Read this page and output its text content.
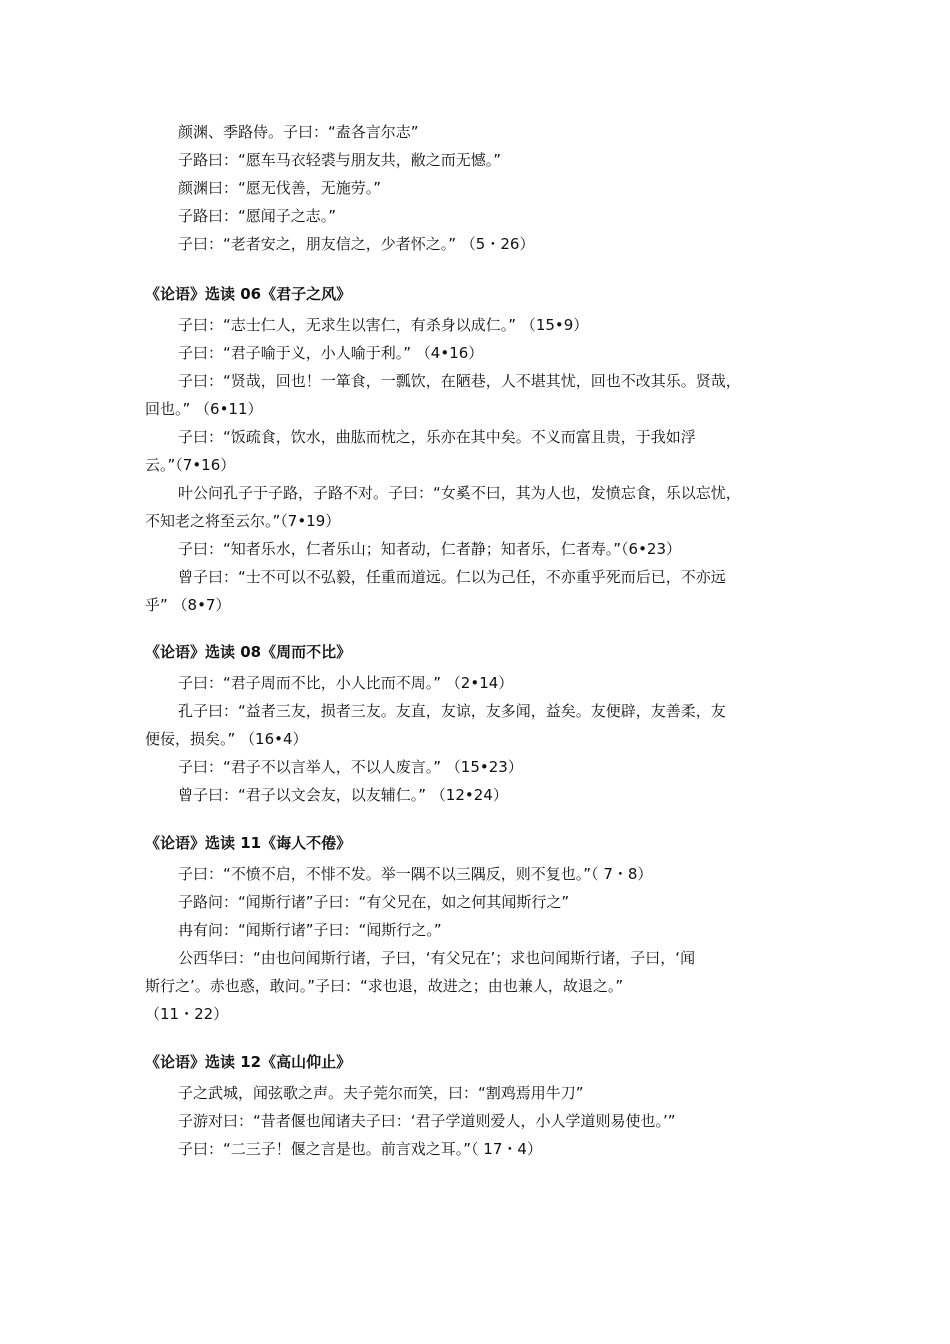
颜渊、季路侍。子曰：“盍各言尔志”
子路曰：“愿车马衣轻裘与朋友共，敝之而无憾。”
颜渊曰：“愿无伐善，无施劳。”
子路曰：“愿闻子之志。”
子曰：“老者安之，朋友信之，少者怀之。” （5・26）
《论语》选读 06《君子之风》
子曰：“志士仁人，无求生以害仁，有杀身以成仁。” （15•9）
子曰：“君子喻于义，小人喻于利。” （4•16）
子曰：“贤哉，回也！一箪食，一瓢饮，在陋巷，人不堪其忧，回也不改其乐。贤哉，
回也。” （6•11）
子曰：“饭疏食，饮水，曲肱而枕之，乐亦在其中矣。不义而富且贵，于我如浮
云。”（7•16）
叶公问孔子于子路，子路不对。子曰：“女奚不曰，其为人也，发愤忘食，乐以忘忧，
不知老之将至云尔。”（7•19）
子曰：“知者乐水，仁者乐山；知者动，仁者静；知者乐，仁者寿。”（6•23）
曾子曰：“士不可以不弘毅，任重而道远。仁以为己任，不亦重乎死而后已，不亦远
乎” （8•7）
《论语》选读 08《周而不比》
子曰：“君子周而不比，小人比而不周。” （2•14）
孔子曰：“益者三友，损者三友。友直，友谅，友多闻，益矣。友便辟，友善柔，友
便佞，损矣。” （16•4）
子曰：“君子不以言举人，不以人废言。” （15•23）
曾子曰：“君子以文会友，以友辅仁。” （12•24）
《论语》选读 11《诲人不倦》
子曰：“不愤不启，不悱不发。举一隅不以三隅反，则不复也。”（ 7・8）
子路问：“闻斯行诸”子曰：“有父兄在，如之何其闻斯行之”
冉有问：“闻斯行诸”子曰：“闻斯行之。”
公西华曰：“由也问闻斯行诸，子曰，‘有父兄在’；求也问闻斯行诸，子曰，‘闻
斯行之’。赤也惑，敢问。”子曰：“求也退，故进之；由也兼人，故退之。”
（11・22）
《论语》选读 12《高山仰止》
子之武城，闻弦歌之声。夫子莞尔而笑，曰：“割鸡焉用牛刀”
子游对曰：“昔者偃也闻诸夫子曰：‘君子学道则爱人，小人学道则易使也。’”
子曰：“二三子！偃之言是也。前言戏之耳。”（ 17・4）
